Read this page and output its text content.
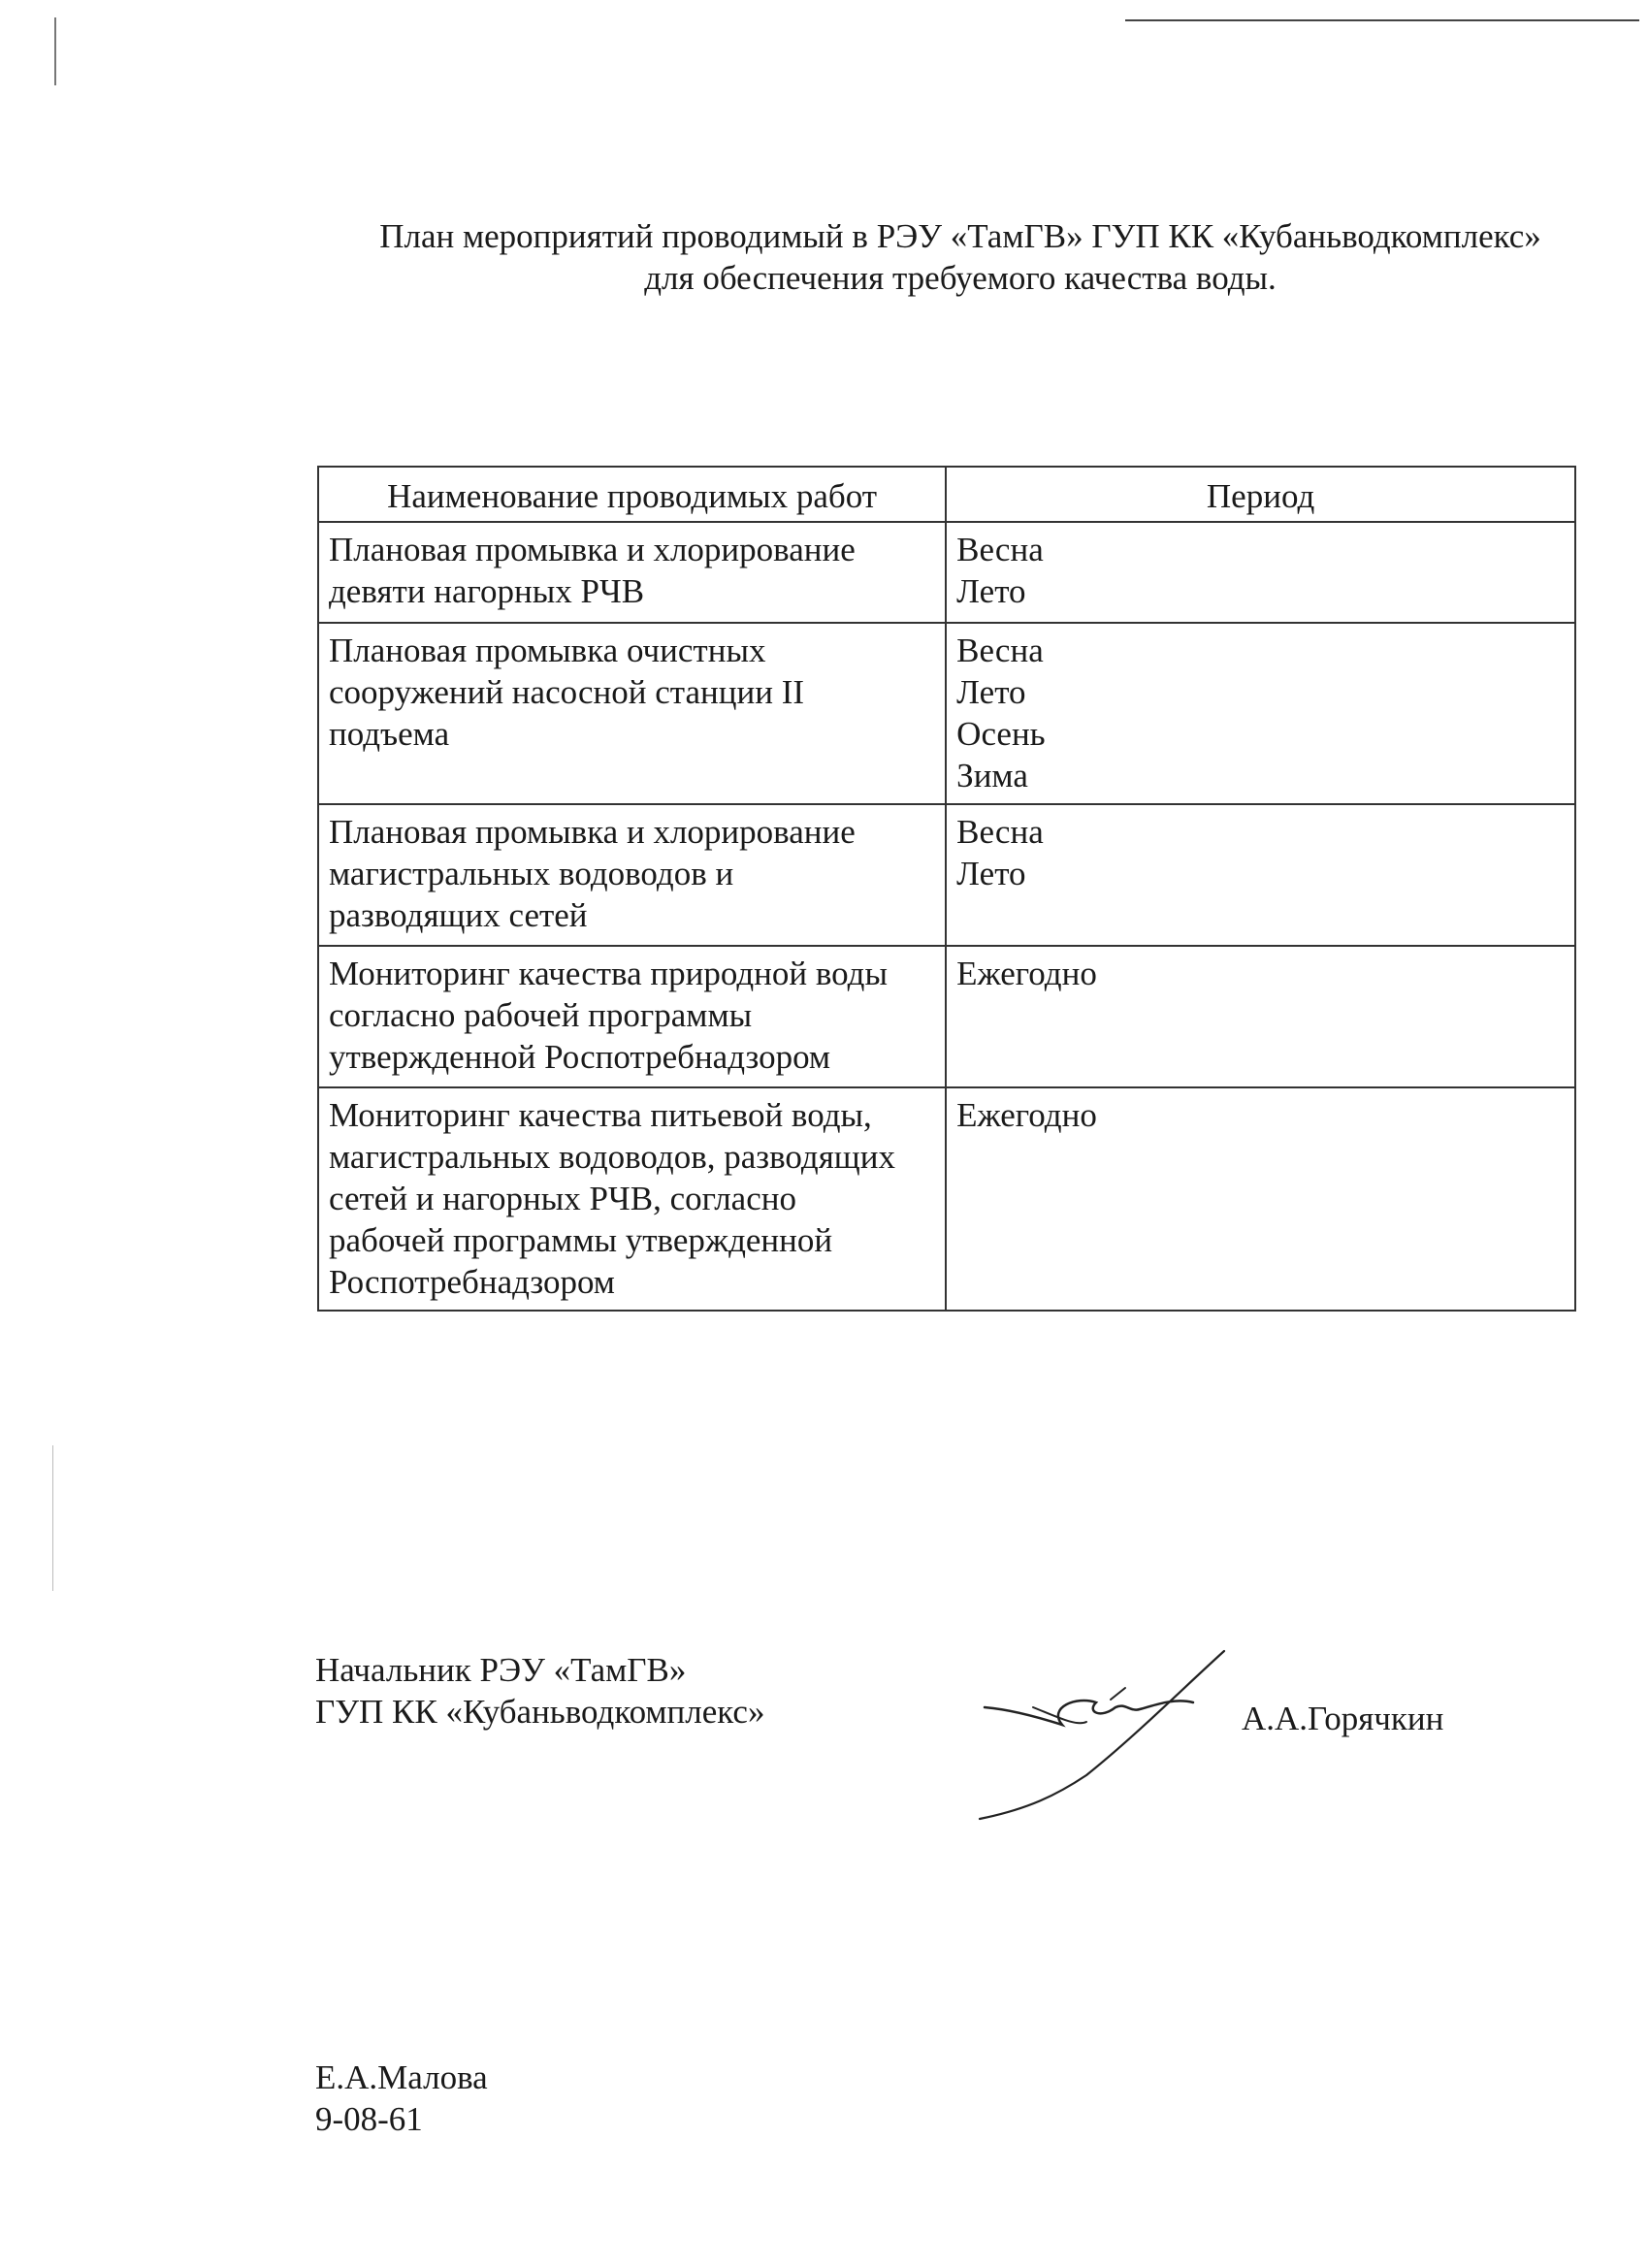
План мероприятий проводимый в РЭУ «ТамГВ» ГУП КК «Кубаньводкомплекс»
для обеспечения требуемого качества воды.
Наименование проводимых работ	Период
Плановая промывка и хлорирование
девяти нагорных РЧВ	Весна
Лето

Плановая промывка очистных
сооружений насосной станции II
подъема	Весна
Лето
Осень
Зима

Плановая промывка и хлорирование
магистральных водоводов и
разводящих сетей	Весна
Лето

Мониторинг качества природной воды
согласно рабочей программы
утвержденной Роспотребнадзором	Ежегодно

Мониторинг качества питьевой воды,
магистральных водоводов, разводящих
сетей и нагорных РЧВ, согласно
рабочей программы утвержденной
Роспотребнадзором	Ежегодно
Начальник РЭУ «ТамГВ»
ГУП КК «Кубаньводкомплекс»	А.А.Горячкин
Е.А.Малова
9-08-61
